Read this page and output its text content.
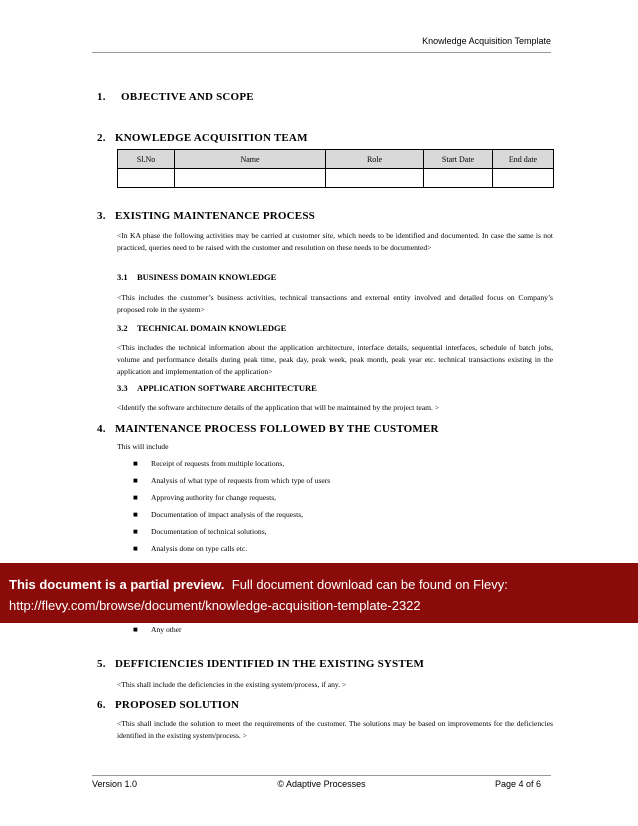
Knowledge Acquisition Template
1. OBJECTIVE AND SCOPE
2. KNOWLEDGE ACQUISITION TEAM
Sl.No	Name	Role	Start Date	End date

3. EXISTING MAINTENANCE PROCESS
<In KA phase the following activities may be carried at customer site, which needs to be identified and documented. In case the same is not practiced, queries need to be raised with the customer and resolution on these needs to be documented>
3.1 BUSINESS DOMAIN KNOWLEDGE
<This includes the customer’s business activities, technical transactions and external entity involved and detailed focus on Company’s proposed role in the system>
3.2 TECHNICAL DOMAIN KNOWLEDGE
<This includes the technical information about the application architecture, interface details, sequential interfaces, schedule of batch jobs, volume and performance details during peak time, peak day, peak week, peak month, peak year etc. technical transactions existing in the application and implementation of the application>
3.3 APPLICATION SOFTWARE ARCHITECTURE
<Identify the software architecture details of the application that will be maintained by the project team. >
4. MAINTENANCE PROCESS FOLLOWED BY THE CUSTOMER
This will include
■ Receipt of requests from multiple locations,
■ Analysis of what type of requests from which type of users
■ Approving authority for change requests,
■ Documentation of impact analysis of the requests,
■ Documentation of technical solutions,
■ Analysis done on type calls etc.
■ Any other
This document is a partial preview. Full document download can be found on Flevy:
http://flevy.com/browse/document/knowledge-acquisition-template-2322
5. DEFFICIENCIES IDENTIFIED IN THE EXISTING SYSTEM
<This shall include the deficiencies in the existing system/process, if any. >
6. PROPOSED SOLUTION
<This shall include the solution to meet the requirements of the customer. The solutions may be based on improvements for the deficiencies identified in the existing system/process. >
Version 1.0	© Adaptive Processes	Page 4 of 6
